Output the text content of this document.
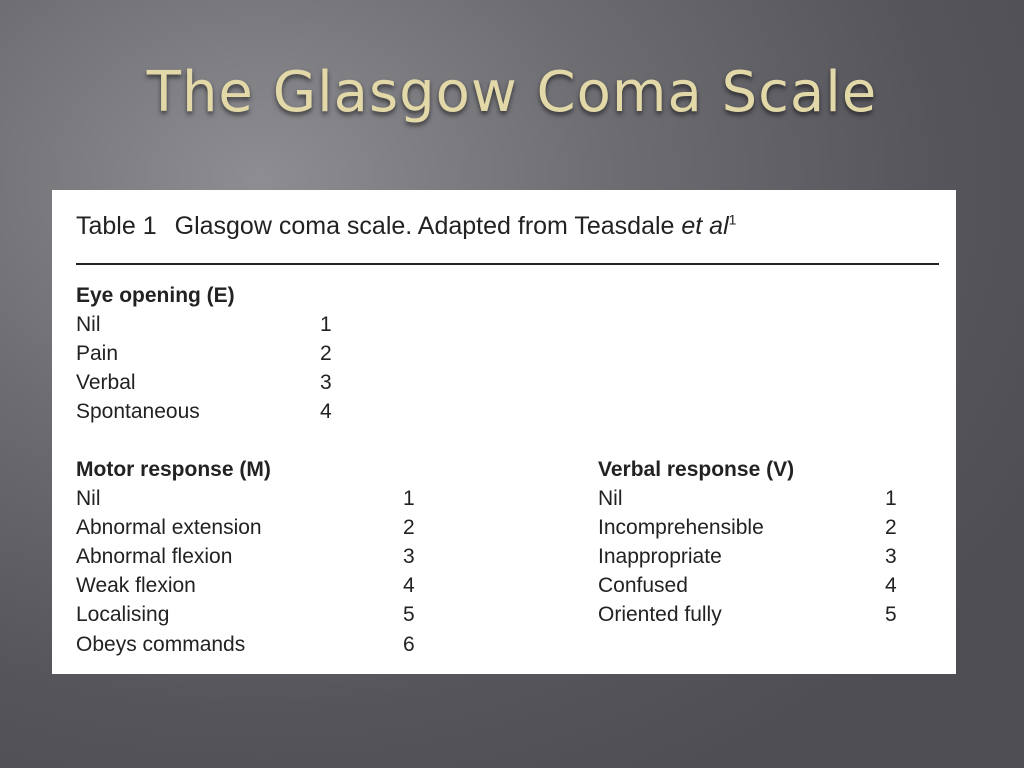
The Glasgow Coma Scale
Table 1 Glasgow coma scale. Adapted from Teasdale et $al^1$
Eye opening (E)
Nil	1
Pain	2
Verbal	3
Spontaneous	4
Motor response (M)
Nil	1
Abnormal extension	2
Abnormal flexion	3
Weak flexion	4
Localising	5
Obeys commands	6
Verbal response (V)
Nil	1
Incomprehensible	2
Inappropriate	3
Confused	4
Oriented fully	5
